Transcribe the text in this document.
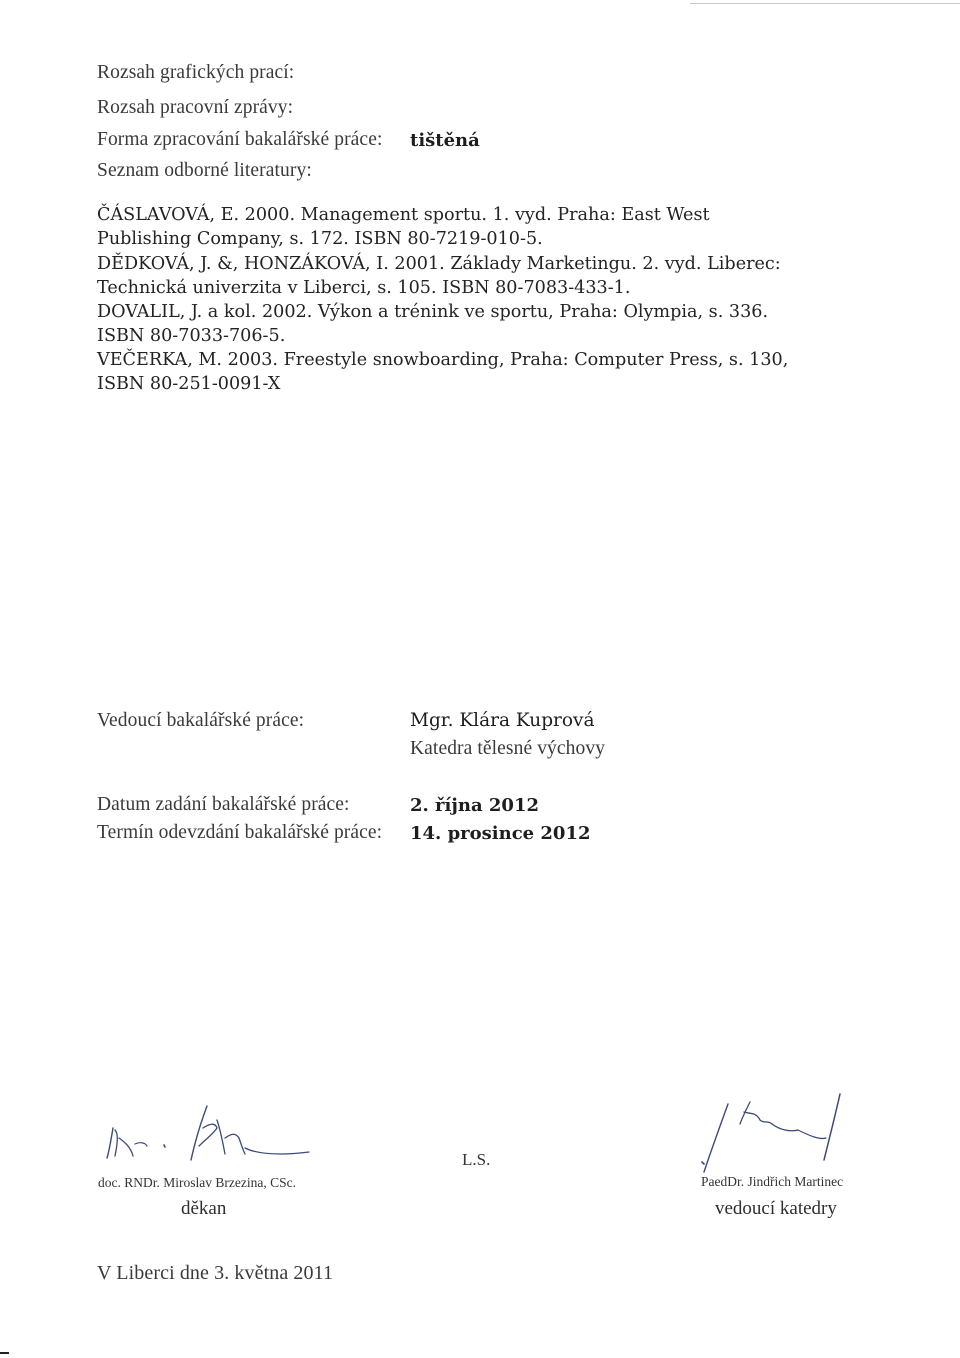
Rozsah grafických prací:
Rozsah pracovní zprávy:
Forma zpracování bakalářské práce: tištěná
Seznam odborné literatury:
ČÁSLAVOVÁ, E. 2000. Management sportu. 1. vyd. Praha: East West
Publishing Company, s. 172. ISBN 80-7219-010-5.
DĚDKOVÁ, J. &, HONZÁKOVÁ, I. 2001. Základy Marketingu. 2. vyd. Liberec:
Technická univerzita v Liberci, s. 105. ISBN 80-7083-433-1.
DOVALIL, J. a kol. 2002. Výkon a trénink ve sportu, Praha: Olympia, s. 336.
ISBN 80-7033-706-5.
VEČERKA, M. 2003. Freestyle snowboarding, Praha: Computer Press, s. 130,
ISBN 80-251-0091-X
Vedoucí bakalářské práce:	Mgr. Klára Kuprová
Katedra tělesné výchovy
Datum zadání bakalářské práce:	2. října 2012
Termín odevzdání bakalářské práce: 14. prosince 2012
doc. RNDr. Miroslav Brzezina, CSc.
děkan
L.S.
PaedDr. Jindřich Martinec
vedoucí katedry
V Liberci dne 3. května 2011
